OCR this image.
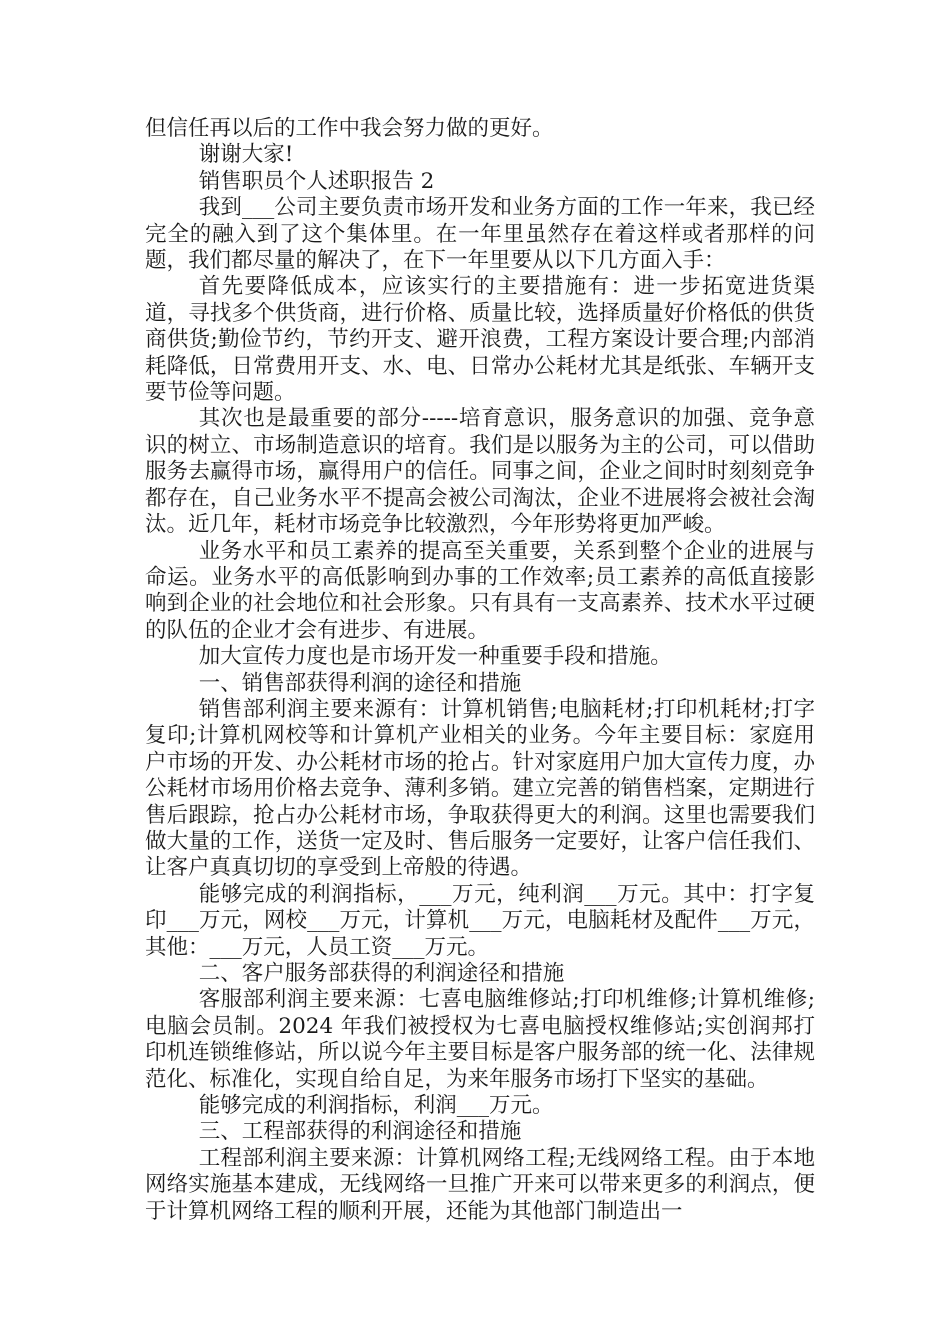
但信任再以后的工作中我会努力做的更好。

谢谢大家!

销售职员个人述职报告 2

我到___公司主要负责市场开发和业务方面的工作一年来，我已经完全的融入到了这个集体里。在一年里虽然存在着这样或者那样的问题，我们都尽量的解决了，在下一年里要从以下几方面入手：

首先要降低成本，应该实行的主要措施有：进一步拓宽进货渠道，寻找多个供货商，进行价格、质量比较，选择质量好价格低的供货商供货;勤俭节约，节约开支、避开浪费，工程方案设计要合理;内部消耗降低，日常费用开支、水、电、日常办公耗材尤其是纸张、车辆开支要节俭等问题。

其次也是最重要的部分-----培育意识，服务意识的加强、竞争意识的树立、市场制造意识的培育。我们是以服务为主的公司，可以借助服务去赢得市场，赢得用户的信任。同事之间，企业之间时时刻刻竞争都存在，自己业务水平不提高会被公司淘汰，企业不进展将会被社会淘汰。近几年，耗材市场竞争比较激烈，今年形势将更加严峻。

业务水平和员工素养的提高至关重要，关系到整个企业的进展与命运。业务水平的高低影响到办事的工作效率;员工素养的高低直接影响到企业的社会地位和社会形象。只有具有一支高素养、技术水平过硬的队伍的企业才会有进步、有进展。

加大宣传力度也是市场开发一种重要手段和措施。

一、销售部获得利润的途径和措施

销售部利润主要来源有：计算机销售;电脑耗材;打印机耗材;打字复印;计算机网校等和计算机产业相关的业务。今年主要目标：家庭用户市场的开发、办公耗材市场的抢占。针对家庭用户加大宣传力度，办公耗材市场用价格去竞争、薄利多销。建立完善的销售档案，定期进行售后跟踪，抢占办公耗材市场，争取获得更大的利润。这里也需要我们做大量的工作，送货一定及时、售后服务一定要好，让客户信任我们、让客户真真切切的享受到上帝般的待遇。

能够完成的利润指标，___万元，纯利润___万元。其中：打字复印___万元，网校___万元，计算机___万元，电脑耗材及配件___万元，其他：___万元，人员工资___万元。

二、客户服务部获得的利润途径和措施

客服部利润主要来源：七喜电脑维修站;打印机维修;计算机维修;电脑会员制。2024 年我们被授权为七喜电脑授权维修站;实创润邦打印机连锁维修站，所以说今年主要目标是客户服务部的统一化、法律规范化、标准化，实现自给自足，为来年服务市场打下坚实的基础。

能够完成的利润指标，利润___万元。

三、工程部获得的利润途径和措施

工程部利润主要来源：计算机网络工程;无线网络工程。由于本地网络实施基本建成，无线网络一旦推广开来可以带来更多的利润点，便于计算机网络工程的顺利开展，还能为其他部门制造出一
